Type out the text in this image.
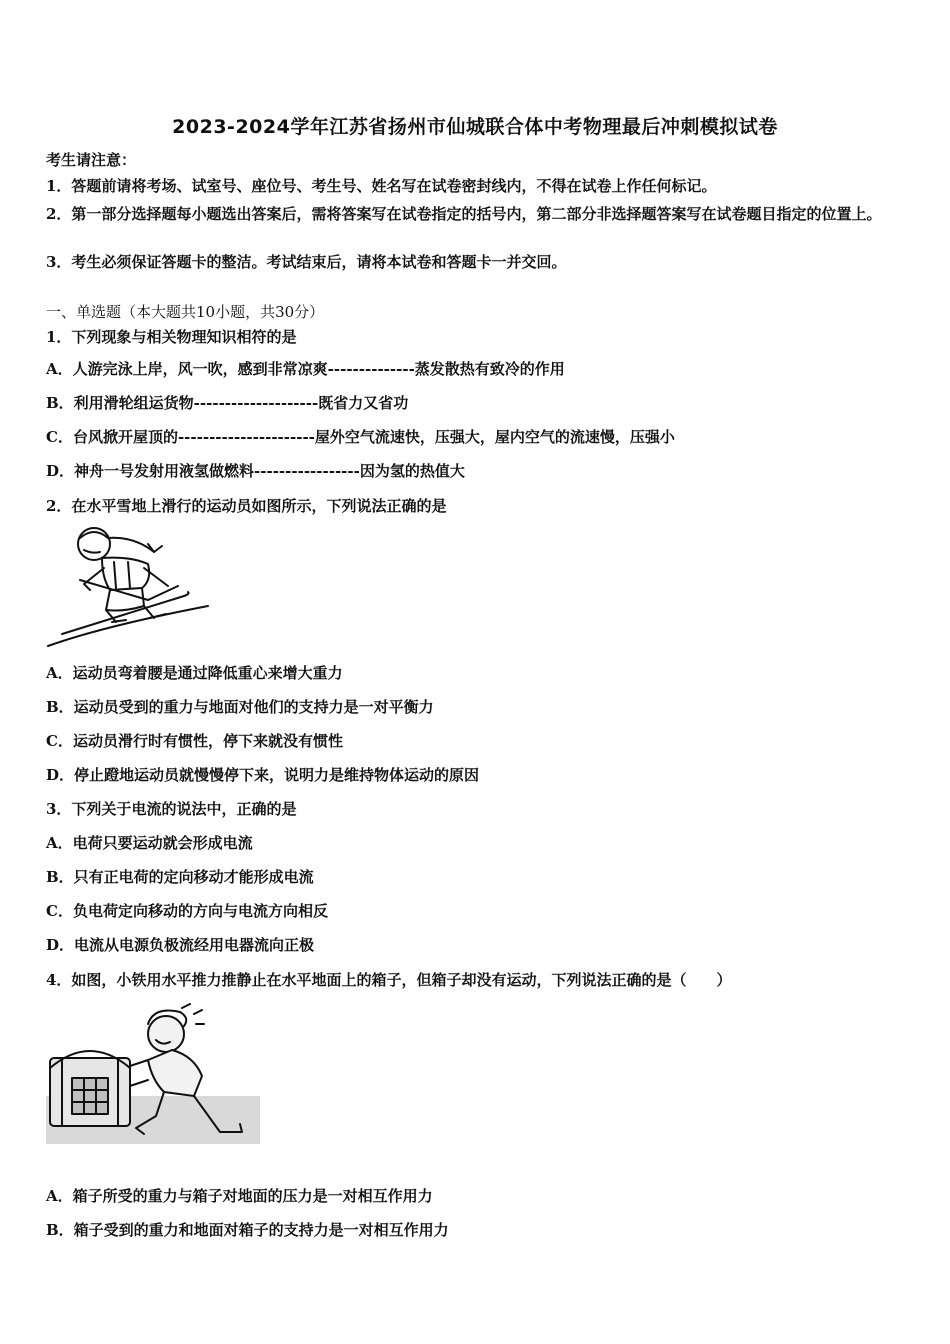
2023-2024学年江苏省扬州市仙城联合体中考物理最后冲刺模拟试卷
考生请注意：
1．答题前请将考场、试室号、座位号、考生号、姓名写在试卷密封线内，不得在试卷上作任何标记。
2．第一部分选择题每小题选出答案后，需将答案写在试卷指定的括号内，第二部分非选择题答案写在试卷题目指定的位置上。
3．考生必须保证答题卡的整洁。考试结束后，请将本试卷和答题卡一并交回。
一、单选题（本大题共10小题，共30分）
1．下列现象与相关物理知识相符的是
A．人游完泳上岸，风一吹，感到非常凉爽--------------蒸发散热有致冷的作用
B．利用滑轮组运货物--------------------既省力又省功
C．台风掀开屋顶的----------------------屋外空气流速快，压强大，屋内空气的流速慢，压强小
D．神舟一号发射用液氢做燃料-----------------因为氢的热值大
2．在水平雪地上滑行的运动员如图所示，下列说法正确的是
A．运动员弯着腰是通过降低重心来增大重力
B．运动员受到的重力与地面对他们的支持力是一对平衡力
C．运动员滑行时有惯性，停下来就没有惯性
D．停止蹬地运动员就慢慢停下来，说明力是维持物体运动的原因
3．下列关于电流的说法中，正确的是
A．电荷只要运动就会形成电流
B．只有正电荷的定向移动才能形成电流
C．负电荷定向移动的方向与电流方向相反
D．电流从电源负极流经用电器流向正极
4．如图，小铁用水平推力推静止在水平地面上的箱子，但箱子却没有运动，下列说法正确的是（　　）
A．箱子所受的重力与箱子对地面的压力是一对相互作用力
B．箱子受到的重力和地面对箱子的支持力是一对相互作用力
